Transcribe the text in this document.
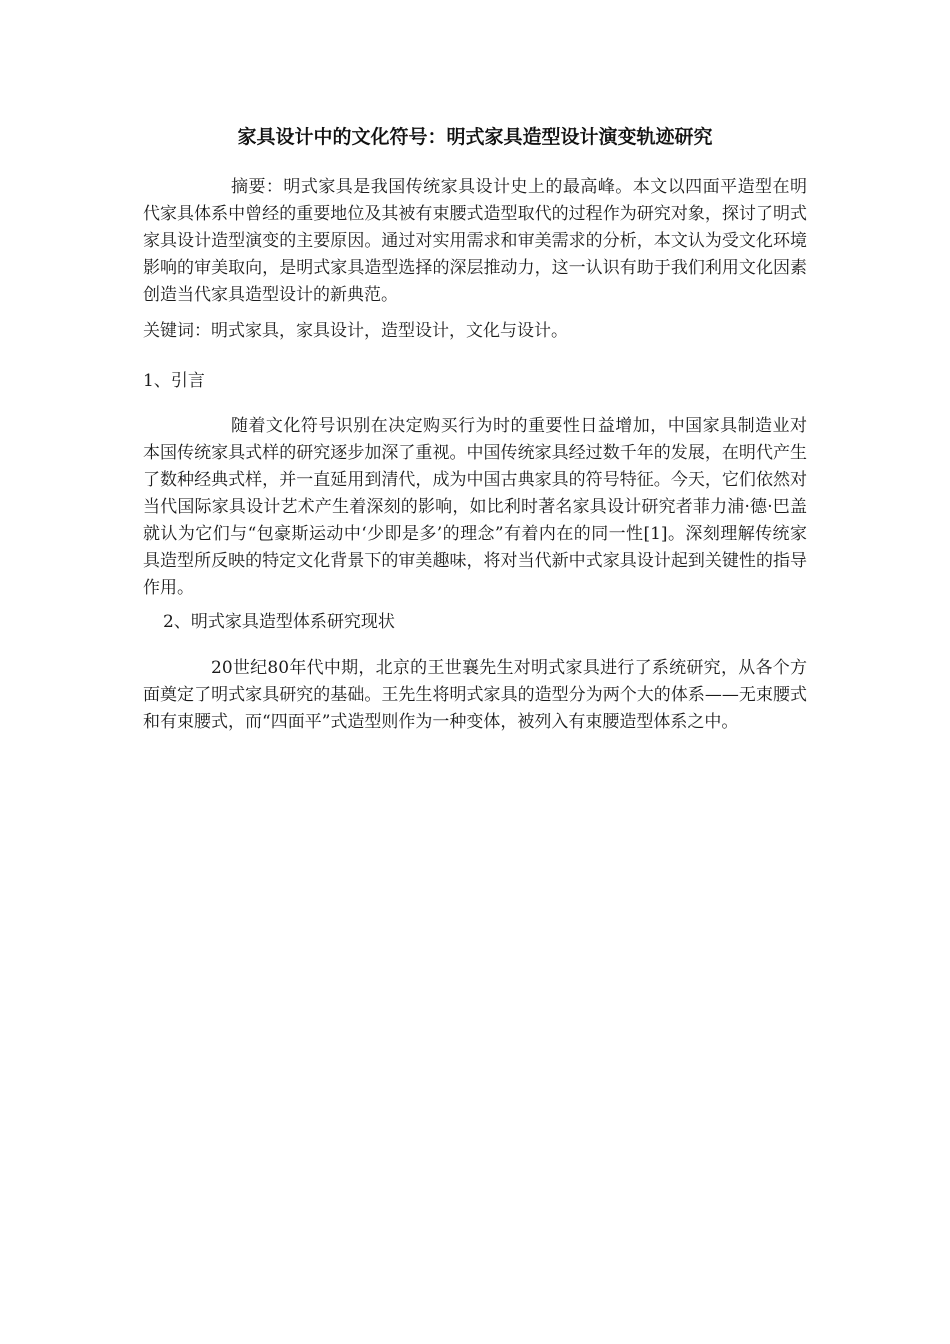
家具设计中的文化符号：明式家具造型设计演变轨迹研究

摘要：明式家具是我国传统家具设计史上的最高峰。本文以四面平造型在明代家具体系中曾经的重要地位及其被有束腰式造型取代的过程作为研究对象，探讨了明式家具设计造型演变的主要原因。通过对实用需求和审美需求的分析，本文认为受文化环境影响的审美取向，是明式家具造型选择的深层推动力，这一认识有助于我们利用文化因素创造当代家具造型设计的新典范。

关键词：明式家具，家具设计，造型设计，文化与设计。

1、引言

随着文化符号识别在决定购买行为时的重要性日益增加，中国家具制造业对本国传统家具式样的研究逐步加深了重视。中国传统家具经过数千年的发展，在明代产生了数种经典式样，并一直延用到清代，成为中国古典家具的符号特征。今天，它们依然对当代国际家具设计艺术产生着深刻的影响，如比利时著名家具设计研究者菲力浦·德·巴盖就认为它们与“包豪斯运动中‘少即是多’的理念”有着内在的同一性[1]。深刻理解传统家具造型所反映的特定文化背景下的审美趣味，将对当代新中式家具设计起到关键性的指导作用。

2、明式家具造型体系研究现状

20世纪80年代中期，北京的王世襄先生对明式家具进行了系统研究，从各个方面奠定了明式家具研究的基础。王先生将明式家具的造型分为两个大的体系——无束腰式和有束腰式，而“四面平”式造型则作为一种变体，被列入有束腰造型体系之中。
